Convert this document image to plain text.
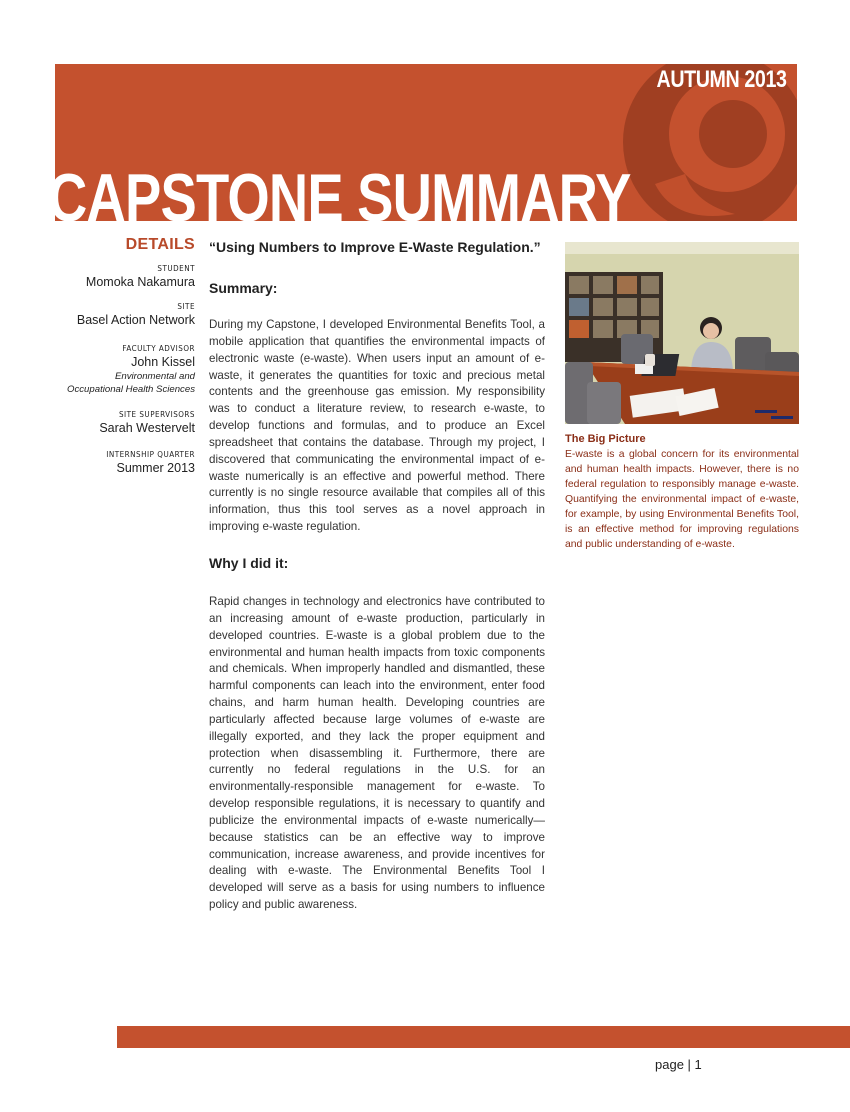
AUTUMN 2013
CAPSTONE SUMMARY
DETAILS
STUDENT
Momoka Nakamura
SITE
Basel Action Network
FACULTY ADVISOR
John Kissel
Environmental and
Occupational Health Sciences
SITE SUPERVISORS
Sarah Westervelt
INTERNSHIP QUARTER
Summer 2013
“Using Numbers to Improve E-Waste Regulation.”
Summary:

During my Capstone, I developed Environmental Benefits Tool, a mobile application that quantifies the environmental impacts of electronic waste (e-waste). When users input an amount of e-waste, it generates the quantities for toxic and precious metal contents and the greenhouse gas emission. My responsibility was to conduct a literature review, to research e-waste, to develop functions and formulas, and to produce an Excel spreadsheet that contains the database. Through my project, I discovered that communicating the environmental impact of e-waste numerically is an effective and powerful method. There currently is no single resource available that compiles all of this information, thus this tool serves as a novel approach in improving e-waste regulation.

Why I did it:

Rapid changes in technology and electronics have contributed to an increasing amount of e-waste production, particularly in developed countries. E-waste is a global problem due to the environmental and human health impacts from toxic components and chemicals. When improperly handled and dismantled, these harmful components can leach into the environment, enter food chains, and harm human health. Developing countries are particularly affected because large volumes of e-waste are illegally exported, and they lack the proper equipment and protection when disassembling it. Furthermore, there are currently no federal regulations in the U.S. for an environmentally-responsible management for e-waste. To develop responsible regulations, it is necessary to quantify and publicize the environmental impacts of e-waste numerically—because statistics can be an effective way to improve communication, increase awareness, and provide incentives for dealing with e-waste. The Environmental Benefits Tool I developed will serve as a basis for using numbers to influence policy and public awareness.

The Big Picture

E-waste is a global concern for its environmental and human health impacts. However, there is no federal regulation to responsibly manage e-waste. Quantifying the environmental impact of e-waste, for example, by using Environmental Benefits Tool, is an effective method for improving regulations and public understanding of e-waste.

page | 1
